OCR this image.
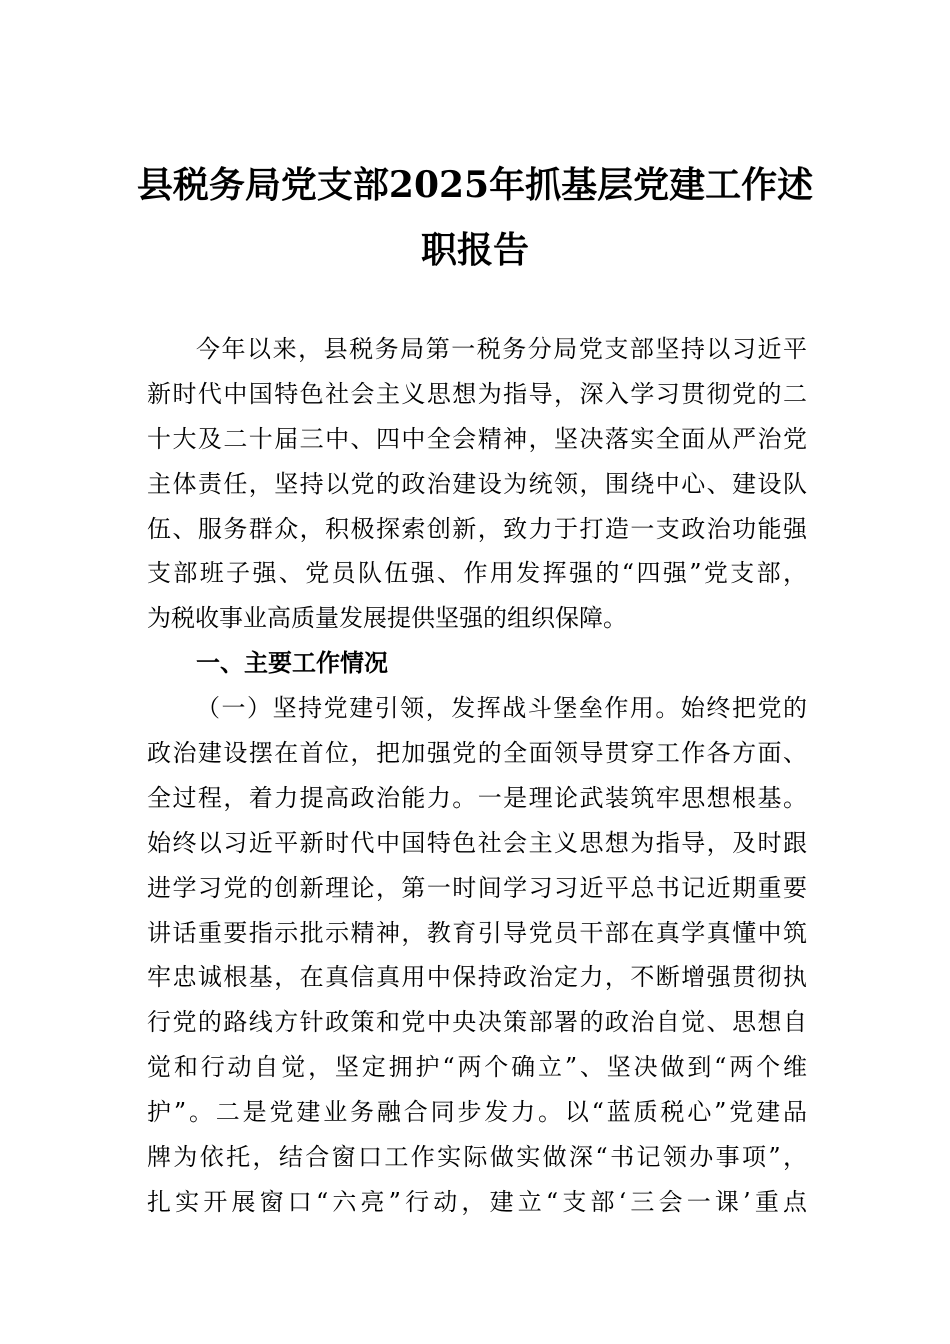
县税务局党支部2025年抓基层党建工作述
职报告
今年以来，县税务局第一税务分局党支部坚持以习近平
新时代中国特色社会主义思想为指导，深入学习贯彻党的二
十大及二十届三中、四中全会精神，坚决落实全面从严治党
主体责任，坚持以党的政治建设为统领，围绕中心、建设队
伍、服务群众，积极探索创新，致力于打造一支政治功能强
支部班子强、党员队伍强、作用发挥强的“四强”党支部，
为税收事业高质量发展提供坚强的组织保障。
一、主要工作情况
（一）坚持党建引领，发挥战斗堡垒作用。始终把党的
政治建设摆在首位，把加强党的全面领导贯穿工作各方面、
全过程，着力提高政治能力。一是理论武装筑牢思想根基。
始终以习近平新时代中国特色社会主义思想为指导，及时跟
进学习党的创新理论，第一时间学习习近平总书记近期重要
讲话重要指示批示精神，教育引导党员干部在真学真懂中筑
牢忠诚根基，在真信真用中保持政治定力，不断增强贯彻执
行党的路线方针政策和党中央决策部署的政治自觉、思想自
觉和行动自觉，坚定拥护“两个确立”、坚决做到“两个维
护”。二是党建业务融合同步发力。以“蓝质税心”党建品
牌为依托，结合窗口工作实际做实做深“书记领办事项”，
扎实开展窗口“六亮”行动，建立“支部‘三会一课’重点
